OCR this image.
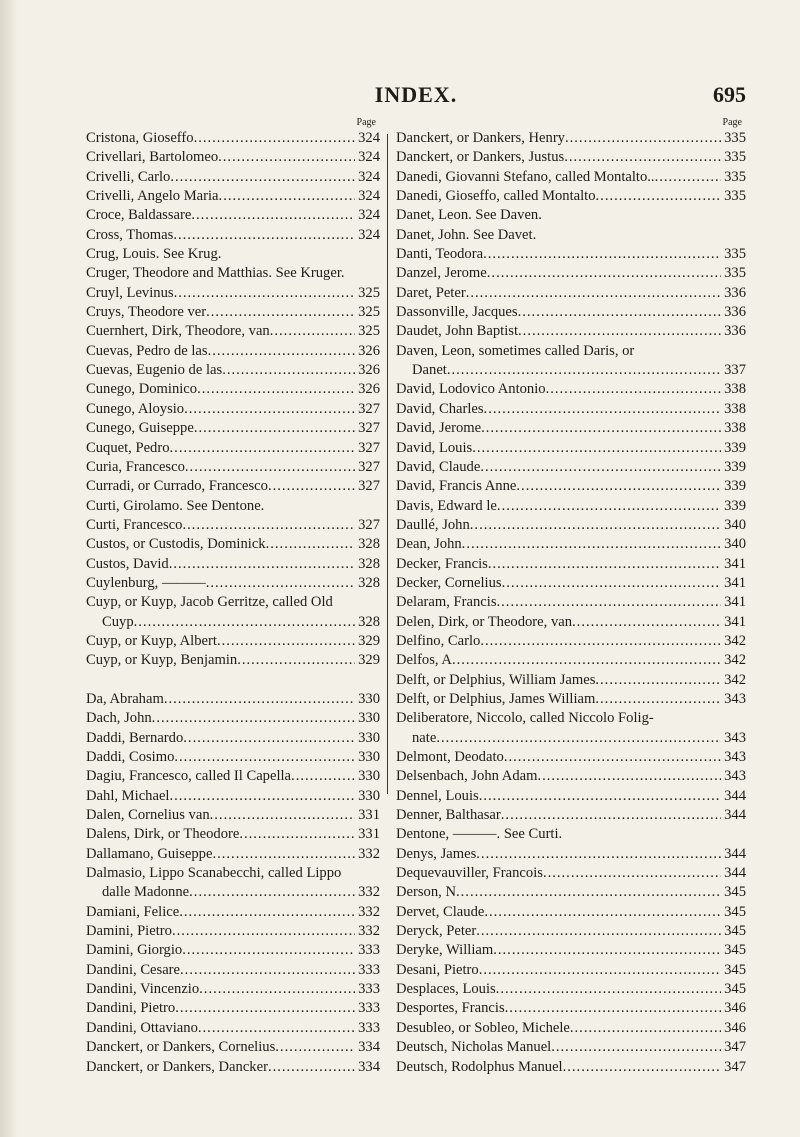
INDEX.	695
Page
Cristona, Gioseffo .....	324
Crivellari, Bartolomeo .....	324
Crivelli, Carlo .....	324
Crivelli, Angelo Maria .....	324
Croce, Baldassare .....	324
Cross, Thomas .....	324
Crug, Louis. See Krug.
Cruger, Theodore and Matthias. See Kruger.
Cruyl, Levinus .....	325
Cruys, Theodore ver .....	325
Cuernhert, Dirk, Theodore, van .....	325
Cuevas, Pedro de las .....	326
Cuevas, Eugenio de las .....	326
Cunego, Dominico .....	326
Cunego, Aloysio .....	327
Cunego, Guiseppe .....	327
Cuquet, Pedro .....	327
Curia, Francesco .....	327
Curradi, or Currado, Francesco .....	327
Curti, Girolamo. See Dentone.
Curti, Francesco .....	327
Custos, or Custodis, Dominick .....	328
Custos, David .....	328
Cuylenburg, ——— .....	328
Cuyp, or Kuyp, Jacob Gerritze, called Old
Cuyp .....	328
Cuyp, or Kuyp, Albert .....	329
Cuyp, or Kuyp, Benjamin .....	329
Da, Abraham .....	330
Dach, John .....	330
Daddi, Bernardo .....	330
Daddi, Cosimo .....	330
Dagiu, Francesco, called Il Capella .....	330
Dahl, Michael .....	330
Dalen, Cornelius van .....	331
Dalens, Dirk, or Theodore .....	331
Dallamano, Guiseppe .....	332
Dalmasio, Lippo Scanabecchi, called Lippo
dalle Madonne .....	332
Damiani, Felice .....	332
Damini, Pietro .....	332
Damini, Giorgio .....	333
Dandini, Cesare .....	333
Dandini, Vincenzio .....	333
Dandini, Pietro .....	333
Dandini, Ottaviano .....	333
Danckert, or Dankers, Cornelius .....	334
Danckert, or Dankers, Dancker .....	334
Page
Danckert, or Dankers, Henry .....	335
Danckert, or Dankers, Justus .....	335
Danedi, Giovanni Stefano, called Montalto.. .....	335
Danedi, Gioseffo, called Montalto .....	335
Danet, Leon. See Daven.
Danet, John. See Davet.
Danti, Teodora .....	335
Danzel, Jerome .....	335
Daret, Peter .....	336
Dassonville, Jacques .....	336
Daudet, John Baptist .....	336
Daven, Leon, sometimes called Daris, or
Danet .....	337
David, Lodovico Antonio .....	338
David, Charles .....	338
David, Jerome .....	338
David, Louis .....	339
David, Claude .....	339
David, Francis Anne .....	339
Davis, Edward le .....	339
Daullé, John .....	340
Dean, John .....	340
Decker, Francis .....	341
Decker, Cornelius .....	341
Delaram, Francis .....	341
Delen, Dirk, or Theodore, van .....	341
Delfino, Carlo .....	342
Delfos, A .....	342
Delft, or Delphius, William James .....	342
Delft, or Delphius, James William .....	343
Deliberatore, Niccolo, called Niccolo Folig-
nate .....	343
Delmont, Deodato .....	343
Delsenbach, John Adam .....	343
Dennel, Louis .....	344
Denner, Balthasar .....	344
Dentone, ———. See Curti.
Denys, James .....	344
Dequevauviller, Francois .....	344
Derson, N .....	345
Dervet, Claude .....	345
Deryck, Peter .....	345
Deryke, William .....	345
Desani, Pietro .....	345
Desplaces, Louis .....	345
Desportes, Francis .....	346
Desubleo, or Sobleo, Michele .....	346
Deutsch, Nicholas Manuel .....	347
Deutsch, Rodolphus Manuel .....	347
